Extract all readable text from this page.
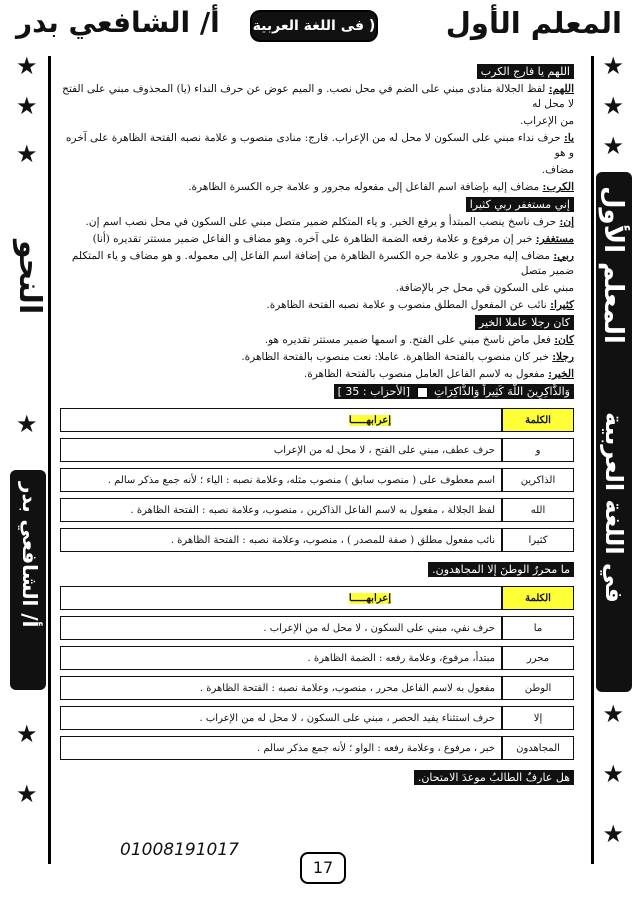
المعلم الأول
( فى اللغة العربية )
أ/ الشافعي بدر
المعلم الأول
في اللغة العربية
★
★
★
★
★
★
أ/ الشافعي بدر
النحو
★
★
★
★
★
★
اللهم يا فارج الكرب
اللهم: لفظ الجلالة منادى مبني على الضم في محل نصب. و الميم عوض عن حرف النداء (يا) المحذوف مبني على الفتح لا محل له
من الإعراب.
يا: حرف نداء مبني على السكون لا محل له من الإعراب. فارج: منادى منصوب و علامة نصبه الفتحة الظاهرة على آخره و هو
مضاف.
الكرب: مضاف إليه بإضافة اسم الفاعل إلى مفعوله مجرور و علامة جره الكسرة الظاهرة.
إني مستغفر ربي كثيرا
إن: حرف ناسخ ينصب المبتدأ و يرفع الخبر. و ياء المتكلم ضمير متصل مبني على السكون في محل نصب اسم إن.
مستغفر: خبر إن مرفوع و علامة رفعه الضمة الظاهرة على آخره. وهو مضاف و الفاعل ضمير مستتر تقديره (أنا)
ربي: مضاف إليه مجرور و علامة جره الكسرة الظاهرة من إضافة اسم الفاعل إلى معموله. و هو مضاف و ياء المتكلم ضمير متصل
مبني على السكون في محل جر بالإضافة.
كثيرا: نائب عن المفعول المطلق منصوب و علامة نصبه الفتحة الظاهرة.
كان رجلا عاملا الخير
كان: فعل ماض ناسخ مبني على الفتح. و اسمها ضمير مستتر تقديره هو.
رجلا: خبر كان منصوب بالفتحة الظاهرة. عاملا: نعت منصوب بالفتحة الظاهرة.
الخير: مفعول به لاسم الفاعل العامل منصوب بالفتحة الظاهرة.
وَالذَّاكِرِينَ اللَّهَ كَثِيراً وَالذَّاكِرَاتِ  [الأحزاب : 35 ]
الكلمة	إعرابهـــــا
و	حرف عطف، مبني على الفتح ، لا محل له من الإعراب
الذاكرين	اسم معطوف على ( منصوب سابق ) منصوب مثله، وعلامة نصبه : الياء ؛ لأنه جمع مذكر سالم .
الله	لفظ الجلالة ، مفعول به لاسم الفاعل الذاكرين ، منصوب، وعلامة نصبه : الفتحة الظاهرة .
كثيرا	نائب مفعول مطلق ( صفة للمصدر ) ، منصوب، وعلامة نصبه : الفتحة الظاهرة .
ما محررٌ الوطنَ إلا المجاهدون.
الكلمة	إعرابهـــــا
ما	حرف نفي، مبني على السكون ، لا محل له من الإعراب .
محرر	مبتدأ، مرفوع، وعلامة رفعه : الضمة الظاهرة .
الوطن	مفعول به لاسم الفاعل محرر ، منصوب، وعلامة نصبه : الفتحة الظاهرة .
إلا	حرف استثناء يفيد الحصر ، مبني على السكون ، لا محل له من الإعراب .
المجاهدون	خبر ، مرفوع ، وعلامة رفعه : الواو ؛ لأنه جمع مذكر سالم .
هل عارفٌ الطالبُ موعدَ الامتحان.
01008191017
17
